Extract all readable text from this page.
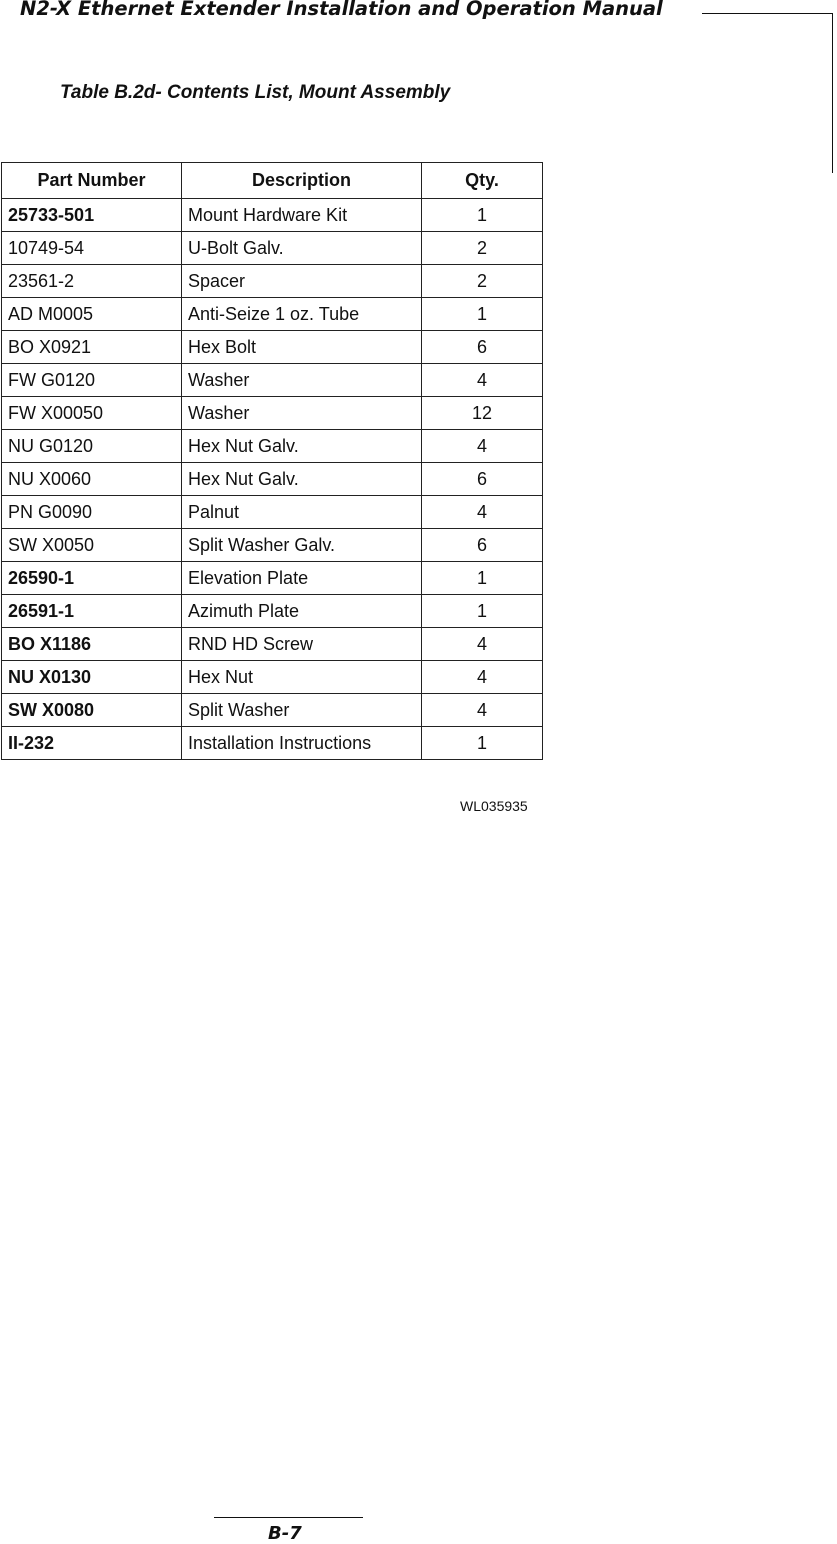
N2-X Ethernet Extender Installation and Operation Manual
Table B.2d- Contents List, Mount Assembly
Part Number	Description	Qty.
25733-501	Mount Hardware Kit	1
10749-54	U-Bolt Galv.	2
23561-2	Spacer	2
AD M0005	Anti-Seize 1 oz. Tube	1
BO X0921	Hex Bolt	6
FW G0120	Washer	4
FW X00050	Washer	12
NU G0120	Hex Nut Galv.	4
NU X0060	Hex Nut Galv.	6
PN G0090	Palnut	4
SW X0050	Split Washer Galv.	6
26590-1	Elevation Plate	1
26591-1	Azimuth Plate	1
BO X1186	RND HD Screw	4
NU X0130	Hex Nut	4
SW X0080	Split Washer	4
II-232	Installation Instructions	1
WL035935
B-7
